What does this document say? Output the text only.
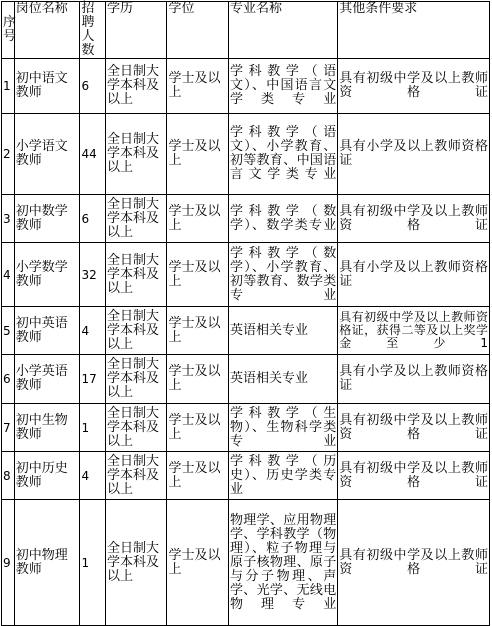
序号	岗位名称	招聘人数	学历	学位	专业名称	其他条件要求
1	初中语文教师	6	全日制大学本科及以上	学士及以上	学科教学（语文）、中国语言文学类专业	具有初级中学及以上教师资格证
2	小学语文教师	44	全日制大学本科及以上	学士及以上	学科教学（语文）、小学教育、初等教育、中国语言文学类专业	具有小学及以上教师资格证
3	初中数学教师	6	全日制大学本科及以上	学士及以上	学科教学（数学）、数学类专业	具有初级中学及以上教师资格证
4	小学数学教师	32	全日制大学本科及以上	学士及以上	学科教学（数学）、小学教育、初等教育、数学类专业	具有小学及以上教师资格证
5	初中英语教师	4	全日制大学本科及以上	学士及以上	英语相关专业	具有初级中学及以上教师资格证，获得二等及以上奖学金至少1
6	小学英语教师	17	全日制大学本科及以上	学士及以上	英语相关专业	具有小学及以上教师资格证
7	初中生物教师	1	全日制大学本科及以上	学士及以上	学科教学（生物）、生物科学类专业	具有初级中学及以上教师资格证
8	初中历史教师	4	全日制大学本科及以上	学士及以上	学科教学（历史）、历史学类专业	具有初级中学及以上教师资格证
9	初中物理教师	1	全日制大学本科及以上	学士及以上	物理学、应用物理学、学科教学（物理）、粒子物理与原子核物理、原子与分子物理、声学、光学、无线电物理专业	具有初级中学及以上教师资格证
